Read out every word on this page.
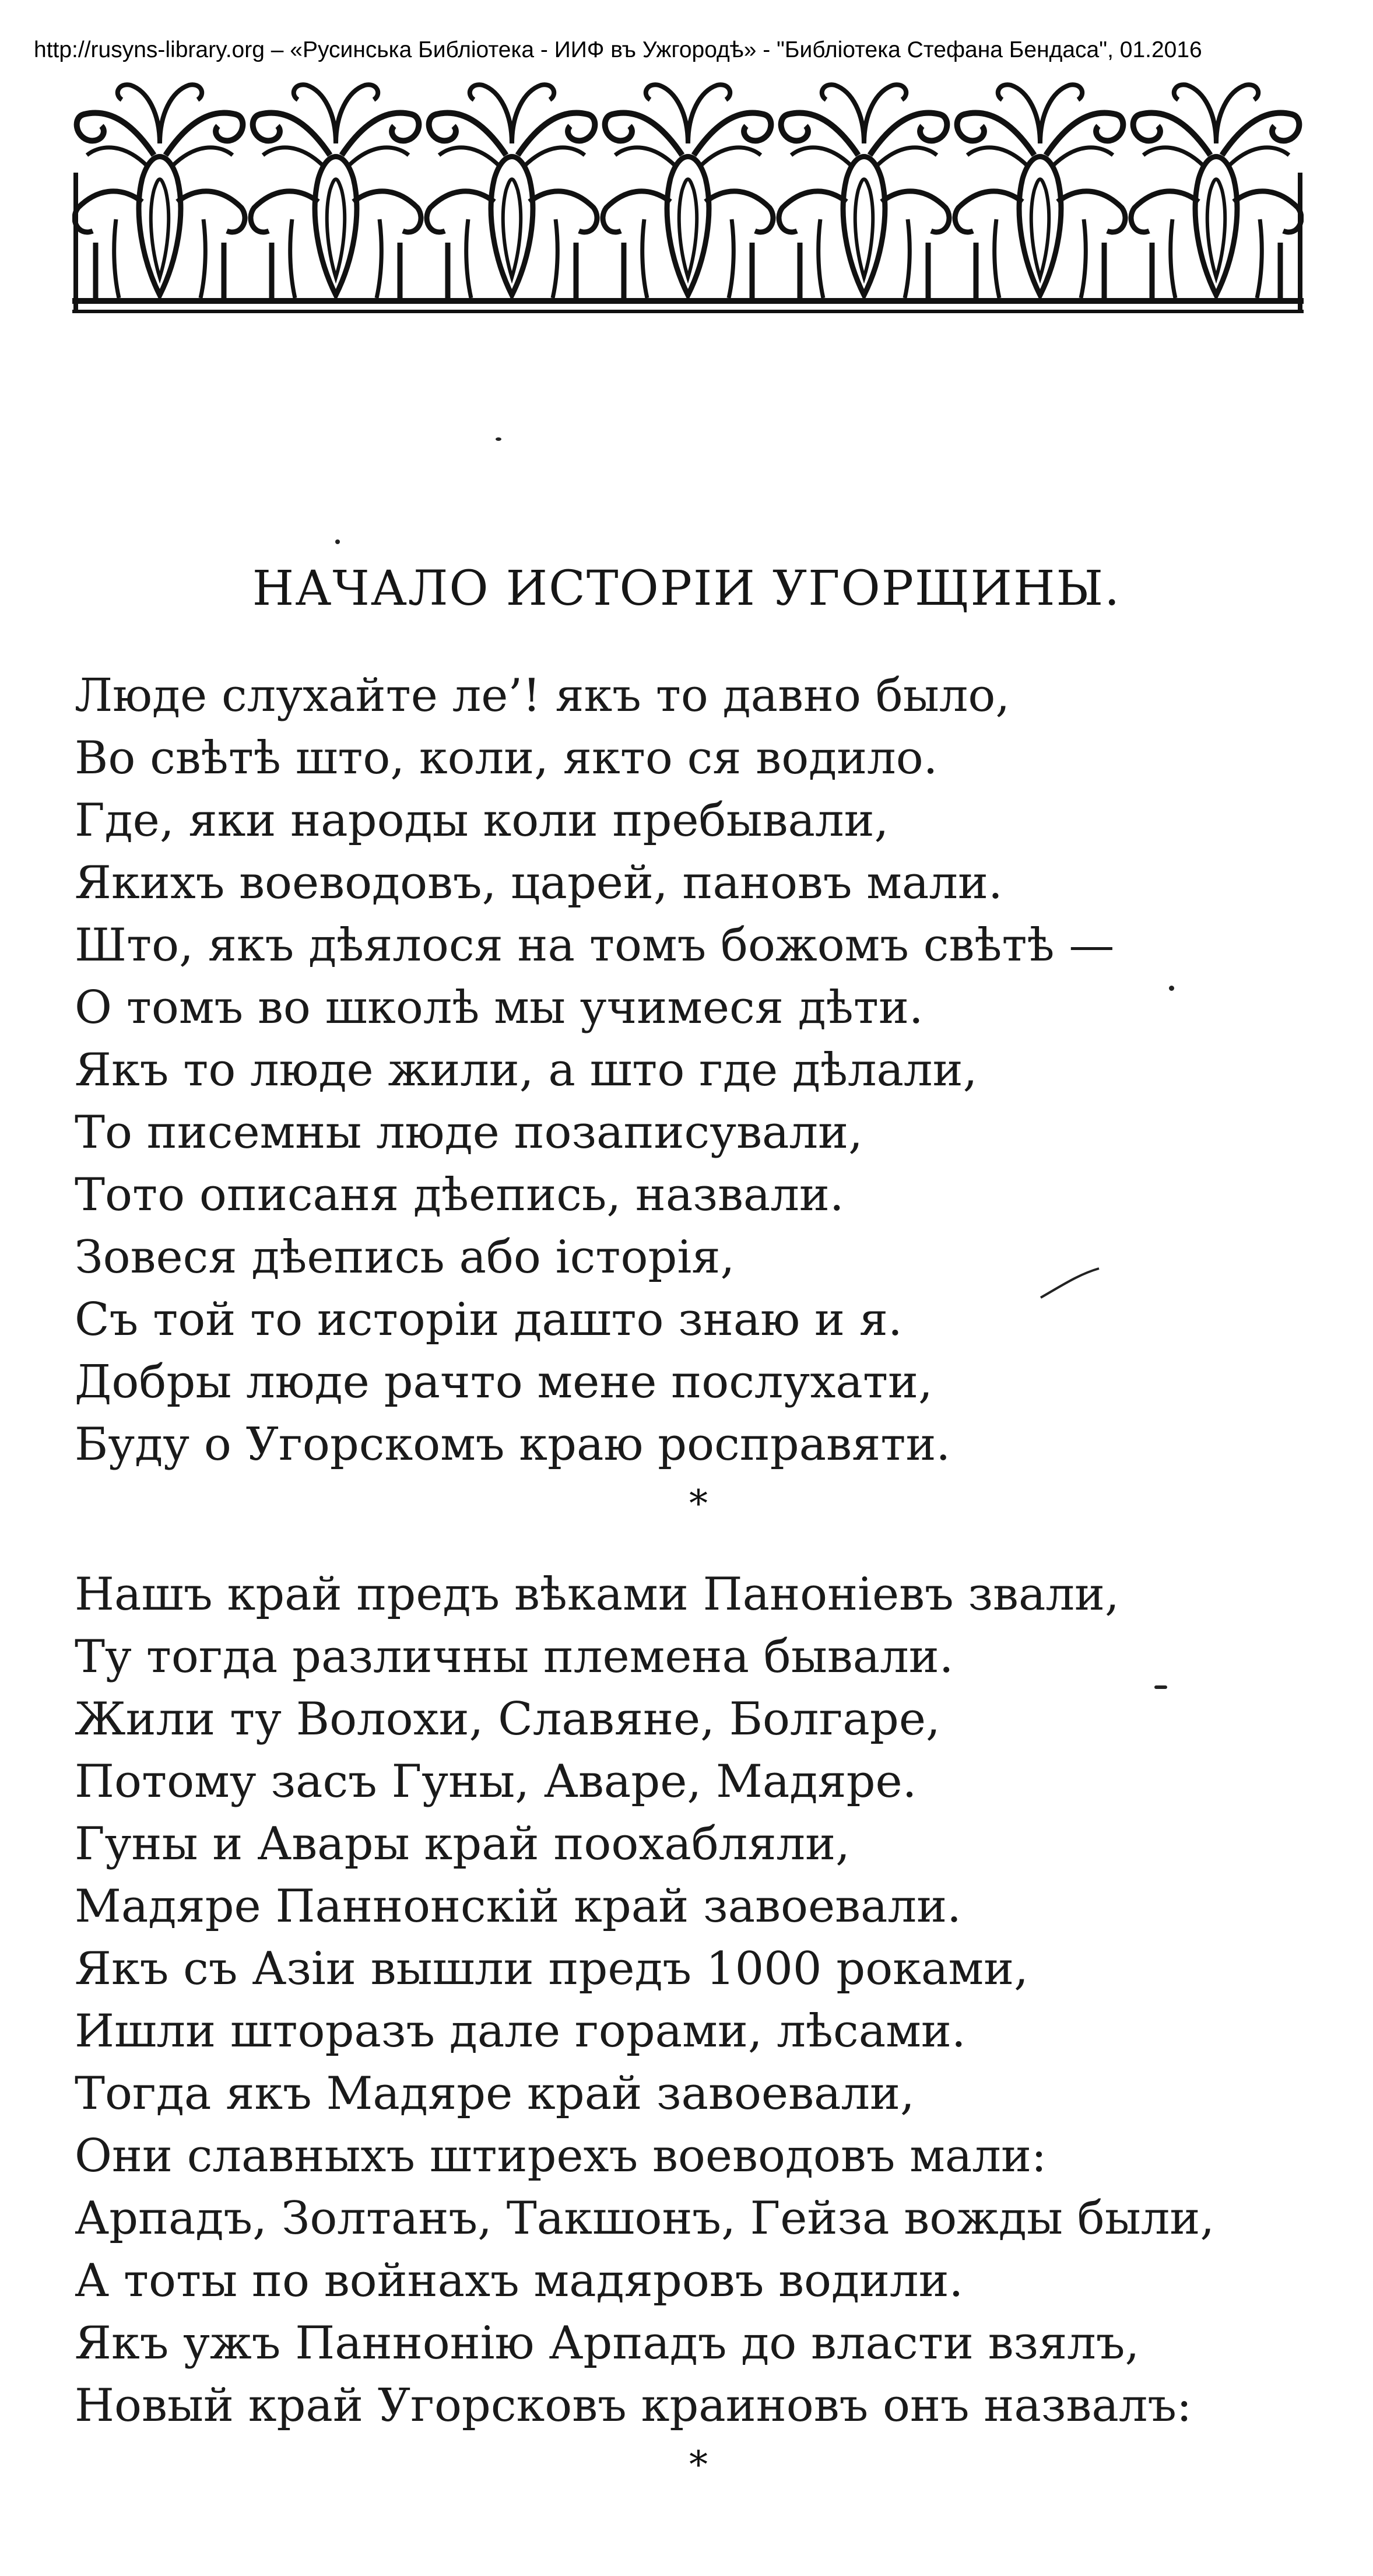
http://rusyns-library.org – «Русинська Библіотека - ИИФ въ Ужгородѣ» - "Библіотека Стефана Бендаса", 01.2016
НАЧАЛО ИСТОРІИ УГОРЩИНЫ.
Люде слухайте ле’! якъ то давно было,
Во свѣтѣ што, коли, якто ся водило.
Где, яки народы коли пребывали,
Якихъ воеводовъ, царей, пановъ мали.
Што, якъ дѣялося на томъ божомъ свѣтѣ —
О томъ во школѣ мы учимеся дѣти.
Якъ то люде жили, а што где дѣлали,
То писемны люде позаписували,
Тото описаня дѣепись, назвали.
Зовеся дѣепись або історія,
Съ той то исторіи дашто знаю и я.
Добры люде рачто мене послухати,
Буду о Угорскомъ краю росправяти.
*
Нашъ край предъ вѣками Панонiевъ звали,
Ту тогда различны племена бывали.
Жили ту Волохи, Славяне, Болгаре,
Потому засъ Гуны, Аваре, Мадяре.
Гуны и Авары край поохабляли,
Мадяре Паннонскій край завоевали.
Якъ съ Азіи вышли предъ 1000 роками,
Ишли шторазъ дале горами, лѣсами.
Тогда якъ Мадяре край завоевали,
Они славныхъ штирехъ воеводовъ мали:
Арпадъ, Золтанъ, Такшонъ, Гейза вожды были,
А тоты по войнахъ мадяровъ водили.
Якъ ужъ Паннонію Арпадъ до власти взялъ,
Новый край Угорсковъ краиновъ онъ назвалъ:
*
